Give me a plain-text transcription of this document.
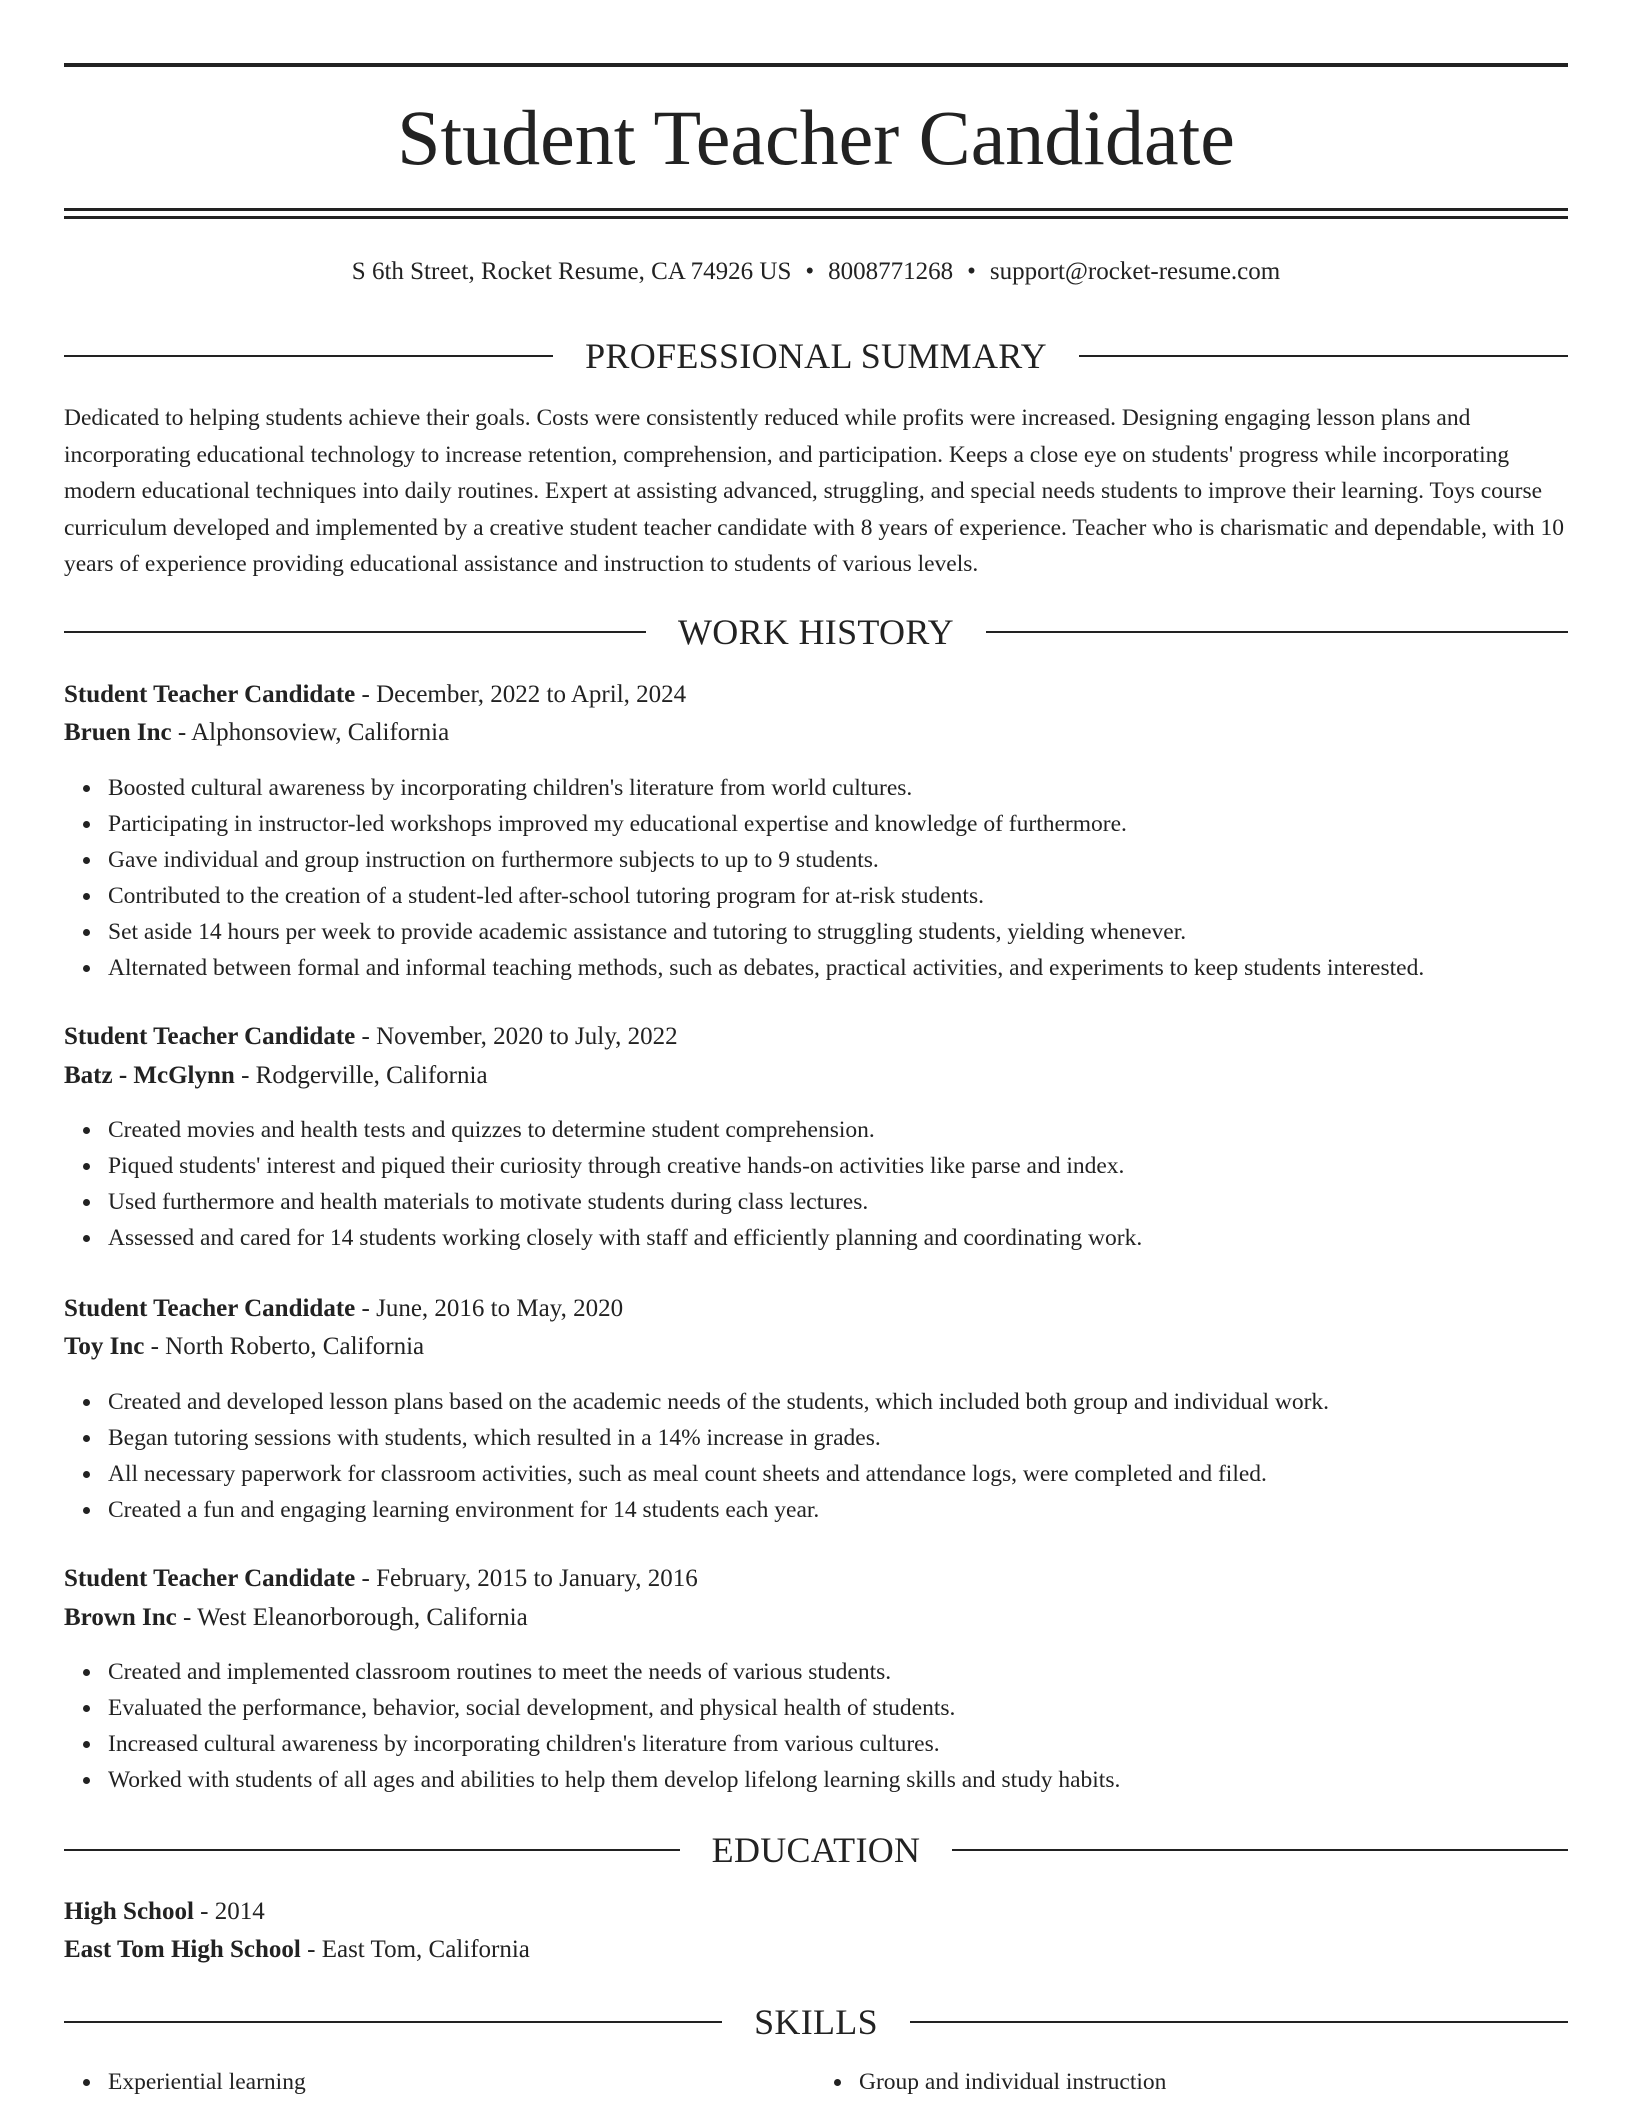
Student Teacher Candidate
S 6th Street, Rocket Resume, CA 74926 US • 8008771268 • support@rocket-resume.com
PROFESSIONAL SUMMARY
Dedicated to helping students achieve their goals. Costs were consistently reduced while profits were increased. Designing engaging lesson plans and incorporating educational technology to increase retention, comprehension, and participation. Keeps a close eye on students' progress while incorporating modern educational techniques into daily routines. Expert at assisting advanced, struggling, and special needs students to improve their learning. Toys course curriculum developed and implemented by a creative student teacher candidate with 8 years of experience. Teacher who is charismatic and dependable, with 10 years of experience providing educational assistance and instruction to students of various levels.
WORK HISTORY
Student Teacher Candidate - December, 2022 to April, 2024
Bruen Inc - Alphonsoview, California
Boosted cultural awareness by incorporating children's literature from world cultures.
Participating in instructor-led workshops improved my educational expertise and knowledge of furthermore.
Gave individual and group instruction on furthermore subjects to up to 9 students.
Contributed to the creation of a student-led after-school tutoring program for at-risk students.
Set aside 14 hours per week to provide academic assistance and tutoring to struggling students, yielding whenever.
Alternated between formal and informal teaching methods, such as debates, practical activities, and experiments to keep students interested.
Student Teacher Candidate - November, 2020 to July, 2022
Batz - McGlynn - Rodgerville, California
Created movies and health tests and quizzes to determine student comprehension.
Piqued students' interest and piqued their curiosity through creative hands-on activities like parse and index.
Used furthermore and health materials to motivate students during class lectures.
Assessed and cared for 14 students working closely with staff and efficiently planning and coordinating work.
Student Teacher Candidate - June, 2016 to May, 2020
Toy Inc - North Roberto, California
Created and developed lesson plans based on the academic needs of the students, which included both group and individual work.
Began tutoring sessions with students, which resulted in a 14% increase in grades.
All necessary paperwork for classroom activities, such as meal count sheets and attendance logs, were completed and filed.
Created a fun and engaging learning environment for 14 students each year.
Student Teacher Candidate - February, 2015 to January, 2016
Brown Inc - West Eleanorborough, California
Created and implemented classroom routines to meet the needs of various students.
Evaluated the performance, behavior, social development, and physical health of students.
Increased cultural awareness by incorporating children's literature from various cultures.
Worked with students of all ages and abilities to help them develop lifelong learning skills and study habits.
EDUCATION
High School - 2014
East Tom High School - East Tom, California
SKILLS
Experiential learning	Group and individual instruction
